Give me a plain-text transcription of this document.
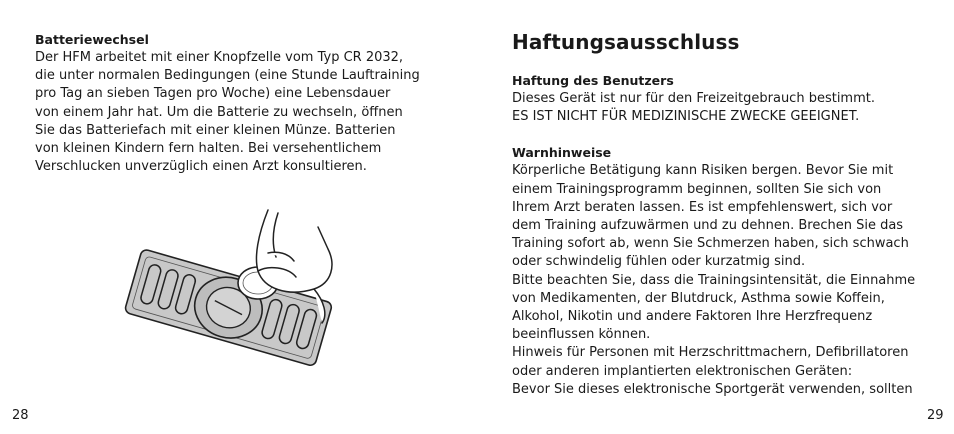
Batteriewechsel
Der HFM arbeitet mit einer Knopfzelle vom Typ CR 2032,
die unter normalen Bedingungen (eine Stunde Lauftraining
pro Tag an sieben Tagen pro Woche) eine Lebensdauer
von einem Jahr hat. Um die Batterie zu wechseln, öffnen
Sie das Batteriefach mit einer kleinen Münze. Batterien
von kleinen Kindern fern halten. Bei versehentlichem
Verschlucken unverzüglich einen Arzt konsultieren.
Haftungsausschluss
Haftung des Benutzers
Dieses Gerät ist nur für den Freizeitgebrauch bestimmt.
ES IST NICHT FÜR MEDIZINISCHE ZWECKE GEEIGNET.
Warnhinweise
Körperliche Betätigung kann Risiken bergen. Bevor Sie mit
einem Trainingsprogramm beginnen, sollten Sie sich von
Ihrem Arzt beraten lassen. Es ist empfehlenswert, sich vor
dem Training aufzuwärmen und zu dehnen. Brechen Sie das
Training sofort ab, wenn Sie Schmerzen haben, sich schwach
oder schwindelig fühlen oder kurzatmig sind.
Bitte beachten Sie, dass die Trainingsintensität, die Einnahme
von Medikamenten, der Blutdruck, Asthma sowie Koffein,
Alkohol, Nikotin und andere Faktoren Ihre Herzfrequenz
beeinflussen können.
Hinweis für Personen mit Herzschrittmachern, Defibrillatoren
oder anderen implantierten elektronischen Geräten:
Bevor Sie dieses elektronische Sportgerät verwenden, sollten
28	29
